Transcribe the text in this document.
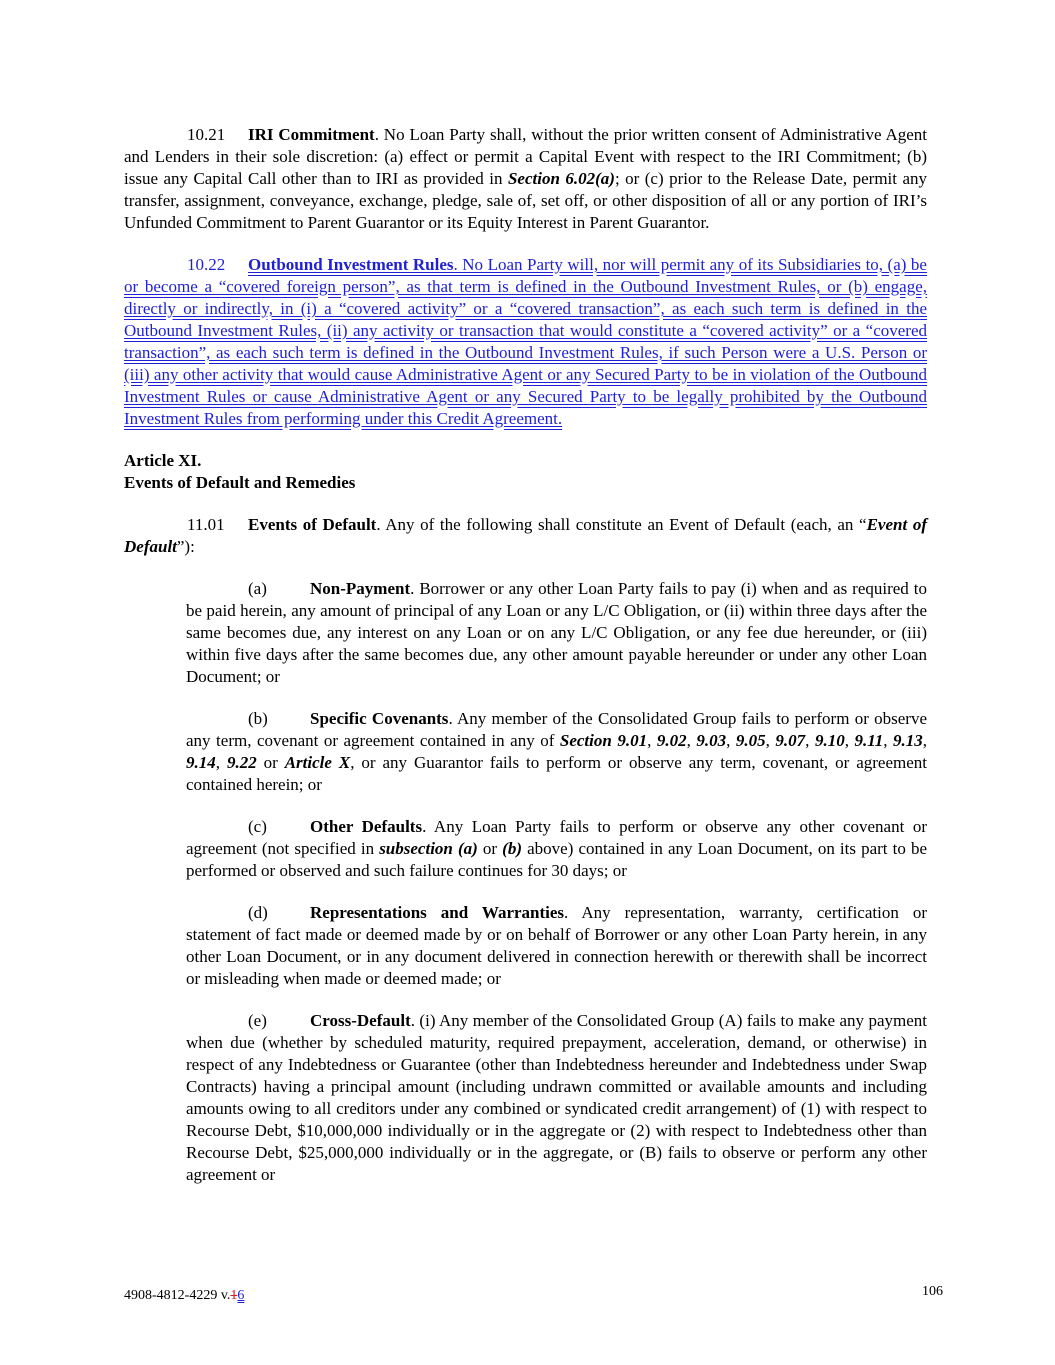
10.21 IRI Commitment. No Loan Party shall, without the prior written consent of Administrative Agent and Lenders in their sole discretion: (a) effect or permit a Capital Event with respect to the IRI Commitment; (b) issue any Capital Call other than to IRI as provided in Section 6.02(a); or (c) prior to the Release Date, permit any transfer, assignment, conveyance, exchange, pledge, sale of, set off, or other disposition of all or any portion of IRI’s Unfunded Commitment to Parent Guarantor or its Equity Interest in Parent Guarantor.

10.22 Outbound Investment Rules. No Loan Party will, nor will permit any of its Subsidiaries to, (a) be or become a “covered foreign person”, as that term is defined in the Outbound Investment Rules, or (b) engage, directly or indirectly, in (i) a “covered activity” or a “covered transaction”, as each such term is defined in the Outbound Investment Rules, (ii) any activity or transaction that would constitute a “covered activity” or a “covered transaction”, as each such term is defined in the Outbound Investment Rules, if such Person were a U.S. Person or (iii) any other activity that would cause Administrative Agent or any Secured Party to be in violation of the Outbound Investment Rules or cause Administrative Agent or any Secured Party to be legally prohibited by the Outbound Investment Rules from performing under this Credit Agreement.

Article XI.

Events of Default and Remedies

11.01 Events of Default. Any of the following shall constitute an Event of Default (each, an “Event of Default”):

(a)	Non-Payment. Borrower or any other Loan Party fails to pay (i) when and as required to be paid herein, any amount of principal of any Loan or any L/C Obligation, or (ii) within three days after the same becomes due, any interest on any Loan or on any L/C Obligation, or any fee due hereunder, or (iii) within five days after the same becomes due, any other amount payable hereunder or under any other Loan Document; or

(b) Specific Covenants. Any member of the Consolidated Group fails to perform or observe any term, covenant or agreement contained in any of Section 9.01, 9.02, 9.03, 9.05, 9.07, 9.10, 9.11, 9.13, 9.14, 9.22 or Article X, or any Guarantor fails to perform or observe any term, covenant, or agreement contained herein; or

(c)	Other Defaults. Any Loan Party fails to perform or observe any other covenant or agreement (not specified in subsection (a) or (b) above) contained in any Loan Document, on its part to be performed or observed and such failure continues for 30 days; or

(d) Representations and Warranties. Any representation, warranty, certification or statement of fact made or deemed made by or on behalf of Borrower or any other Loan Party herein, in any other Loan Document, or in any document delivered in connection herewith or therewith shall be incorrect or misleading when made or deemed made; or

(e)	Cross-Default. (i) Any member of the Consolidated Group (A) fails to make any payment when due (whether by scheduled maturity, required prepayment, acceleration, demand, or otherwise) in respect of any Indebtedness or Guarantee (other than Indebtedness hereunder and Indebtedness under Swap Contracts) having a principal amount (including undrawn committed or available amounts and including amounts owing to all creditors under any combined or syndicated credit arrangement) of (1) with respect to Recourse Debt, $10,000,000 individually or in the aggregate or (2) with respect to Indebtedness other than Recourse Debt, $25,000,000 individually or in the aggregate, or (B) fails to observe or perform any other agreement or

4908-4812-4229 v.16	106
